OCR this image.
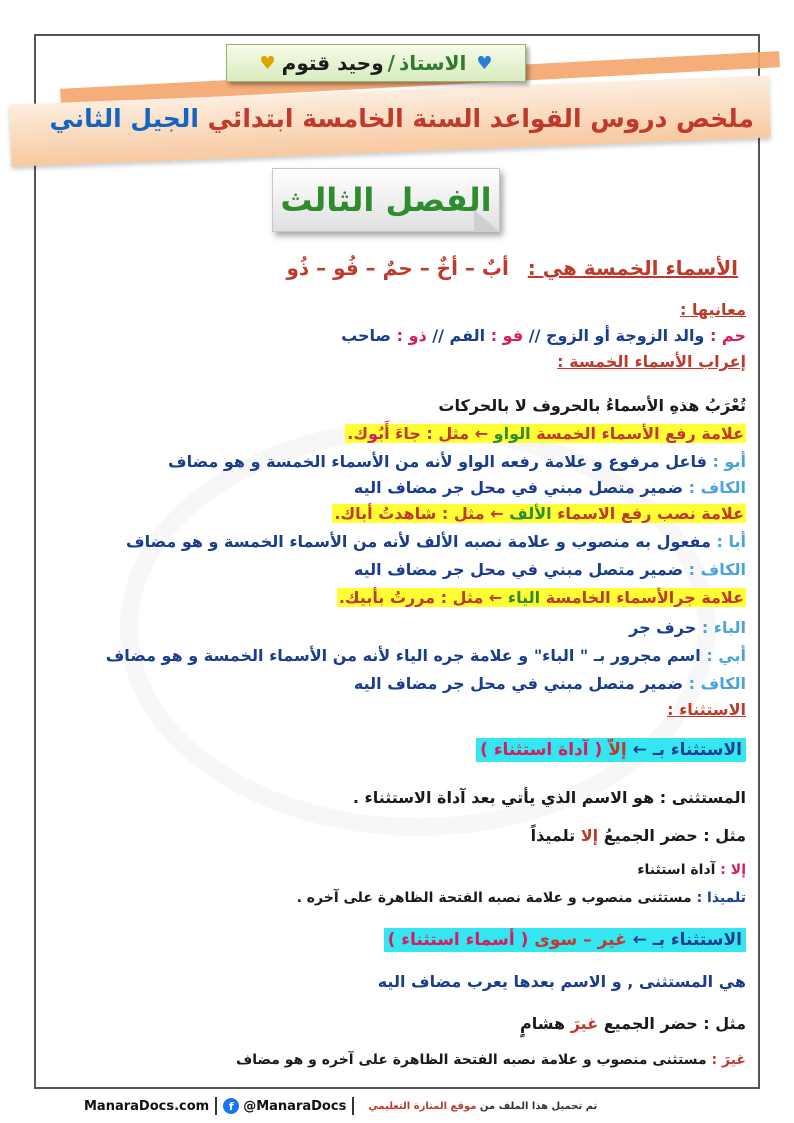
♥
الاستاذ
/
وحيد قتوم
♥
ملخص دروس القواعد السنة الخامسة ابتدائي الجيل الثاني
الفصل الثالث
الأسماء الخمسة هي : أبٌ – أخٌ – حمٌ – فُو – ذُو
معانيها :
حم : والد الزوجة أو الزوج // فو : الفم // ذو : صاحب
إعراب الأسماء الخمسة :
تُعْرَبُ هذهِ الأسماءُ بالحروف لا بالحركات
علامة رفع الأسماء الخمسة الواو ← مثل : جاءَ أَبُوك.
أبو : فاعل مرفوع و علامة رفعه الواو لأنه من الأسماء الخمسة و هو مضاف
الكاف : ضمير متصل مبني في محل جر مضاف اليه
علامة نصب رفع الاسماء الألف ← مثل : شاهدتُ أباك.
أبا : مفعول به منصوب و علامة نصبه الألف لأنه من الأسماء الخمسة و هو مضاف
الكاف : ضمير متصل مبني في محل جر مضاف اليه
علامة جرالأسماء الخامسة الياء ← مثل : مررتُ بأبيك.
الباء : حرف جر
أبي : اسم مجرور بـ " الباء" و علامة جره الياء لأنه من الأسماء الخمسة و هو مضاف
الكاف : ضمير متصل مبني في محل جر مضاف اليه
الاستثناء :
الاستثناء بـ ← إلاّ ( آداة استثناء )
المستثنى : هو الاسم الذي يأتي بعد آداة الاستثناء .
مثل : حضر الجميعُ إلا تلميذاً
إلا : آداة استثناء
تلميذا : مستثنى منصوب و علامة نصبه الفتحة الظاهرة على آخره .
الاستثناء بـ ← غير – سوى ( أسماء استثناء )
هي المستثنى , و الاسم بعدها يعرب مضاف اليه
مثل : حضر الجميع غيرَ هشامٍ
غيرَ : مستثنى منصوب و علامة نصبه الفتحة الظاهرة على آخره و هو مضاف
ManaraDocs.com	f @ManaraDocs	تم تحميل هذا الملف من موقع المنارة التعليمي
